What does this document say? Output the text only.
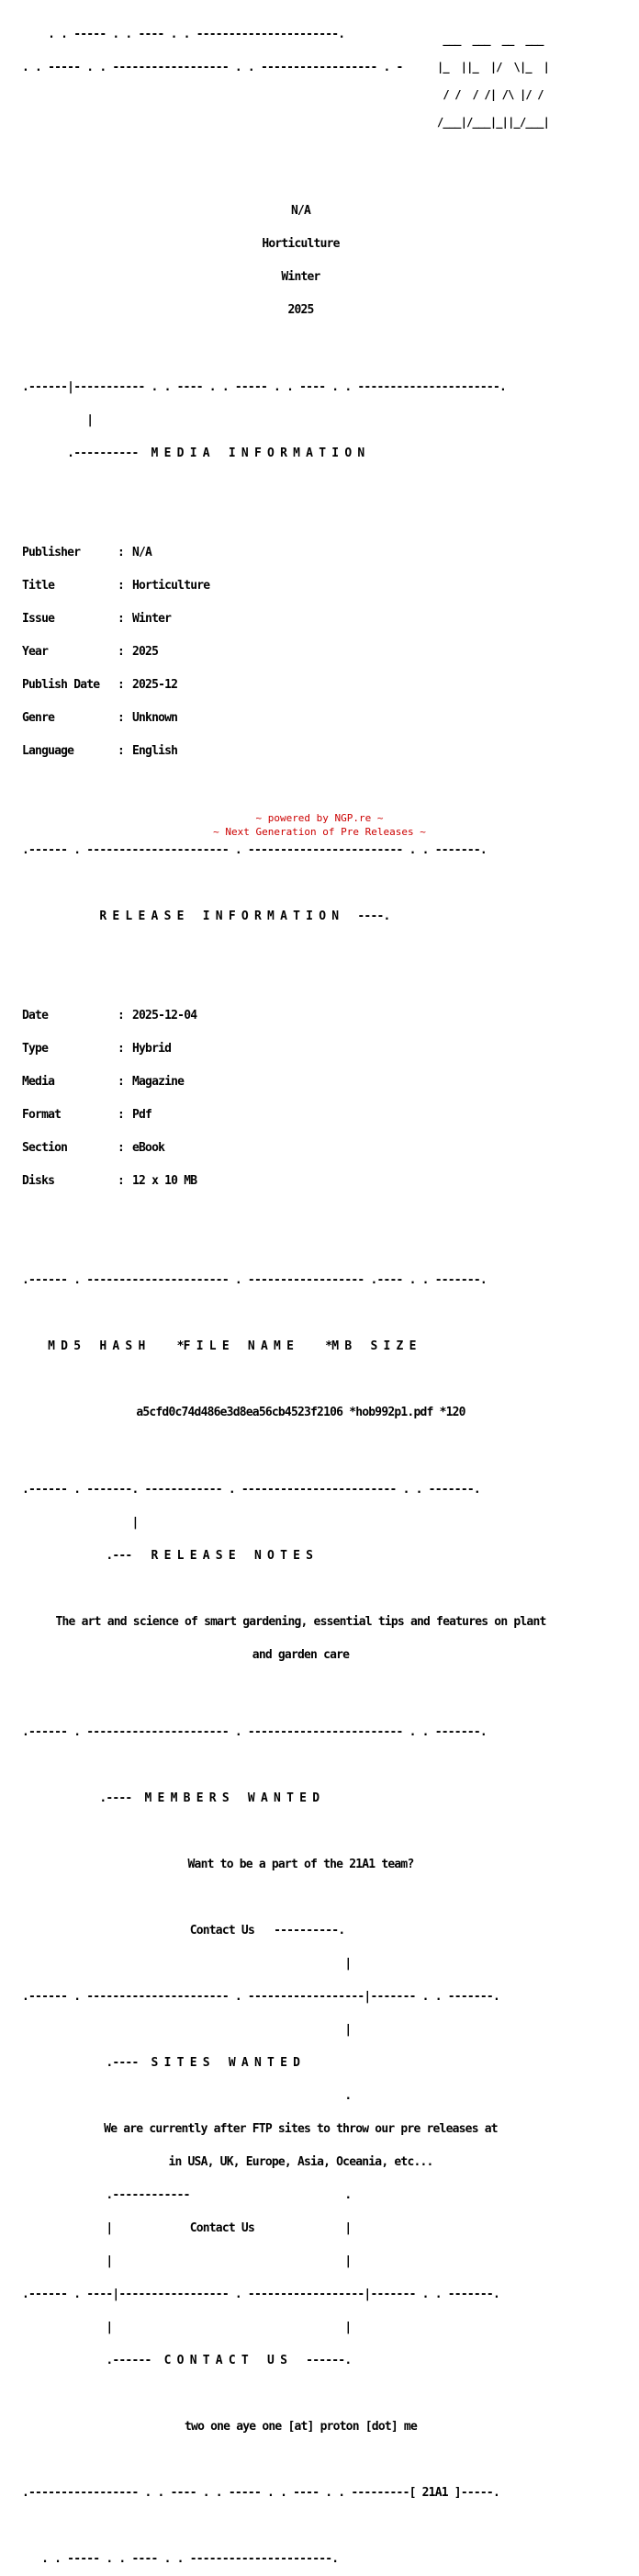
. . ----- . . ---- . . ----------------------.

. . ----- . . ------------------ . . ------------------ . -

___  ___  __  ___

|_  ||_  |/  \|_  |

/ /  / /| /\ |/ /

/___|/___|_||_/___|

N/A

Horticulture

Winter

2025

.------|----------- . . ---- . . ----- . . ---- . . ----------------------.

|

.----------  M E D I A   I N F O R M A T I O N

Publisher	: N/A

Title	: Horticulture

Issue	: Winter

Year	: 2025

Publish Date : 2025-12

Genre	: Unknown

Language	: English

.------ . ---------------------- . ------------------------ . . -------.

R E L E A S E   I N F O R M A T I O N   ----.

Date	: 2025-12-04

Type	: Hybrid

Media	: Magazine

Format	: Pdf

Section	: eBook

Disks	: 12 x 10 MB

.------ . ---------------------- . ------------------ .---- . . -------.

M D 5   H A S H     *F I L E   N A M E     *M B   S I Z E

a5cfd0c74d486e3d8ea56cb4523f2106 *hob992p1.pdf *120

.------ . -------. ------------ . ------------------------ . . -------.

|

.---   R E L E A S E   N O T E S

The art and science of smart gardening, essential tips and features on plant

and garden care

.------ . ---------------------- . ------------------------ . . -------.

.----  M E M B E R S   W A N T E D

Want to be a part of the 21A1 team?

Contact Us   ----------.

|

.------ . ---------------------- . ------------------|------- . . -------.

|

.----  S I T E S   W A N T E D

.

We are currently after FTP sites to throw our pre releases at

in USA, UK, Europe, Asia, Oceania, etc...

.------------                        .

|            Contact Us              |

|                                    |

.------ . ----|----------------- . ------------------|------- . . -------.

|                                    |

.------  C O N T A C T   U S   ------.

two one aye one [at] proton [dot] me

.----------------- . . ---- . . ----- . . ---- . . ---------[ 21A1 ]-----.

. . ----- . . ---- . . ----------------------.

~ powered by NGP.re ~
~ Next Generation of Pre Releases ~
